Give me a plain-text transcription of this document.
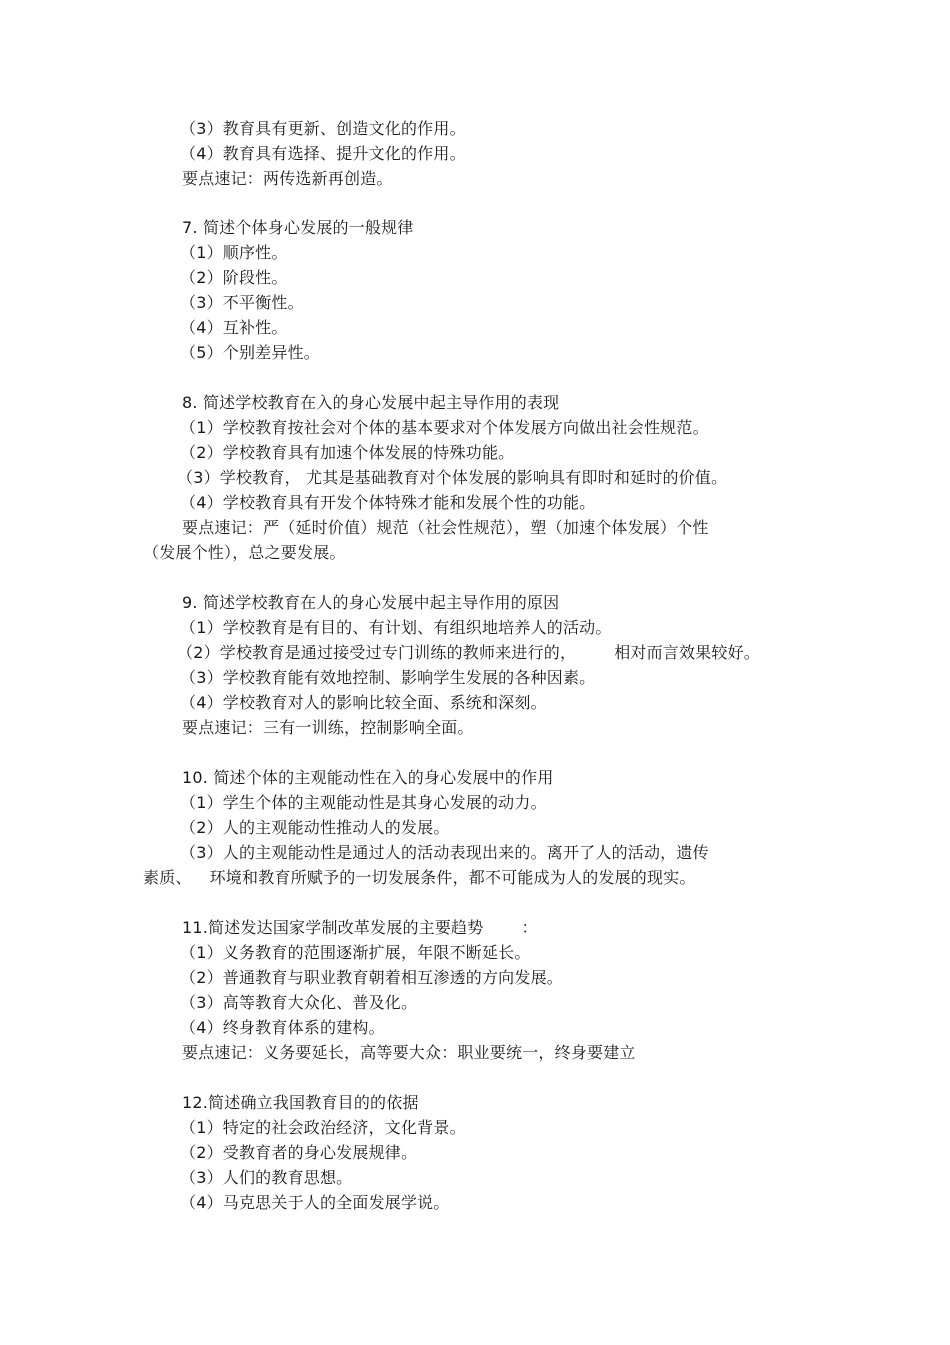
（3）教育具有更新、创造文化的作用。
（4）教育具有选择、提升文化的作用。
要点速记：两传选新再创造。
7. 简述个体身心发展的一般规律
（1）顺序性。
（2）阶段性。
（3）不平衡性。
（4）互补性。
（5）个别差异性。
8. 简述学校教育在入的身心发展中起主导作用的表现
（1）学校教育按社会对个体的基本要求对个体发展方向做出社会性规范。
（2）学校教育具有加速个体发展的恃殊功能。
（3）学校教育， 尤其是基础教育对个体发展的影响具有即时和延时的价值。
（4）学校教育具有开发个体特殊才能和发展个性的功能。
要点速记：严（延时价值）规范（社会性规范），塑（加速个体发展）个性
（发展个性），总之要发展。
9. 简述学校教育在人的身心发展中起主导作用的原因
（1）学校教育是有目的、有计划、有组织地培养人的活动。
（2）学校教育是通过接受过专门训练的教师来进行的， 相对而言效果较好。
（3）学校教育能有效地控制、影响学生发展的各种因素。
（4）学校教育对人的影响比较全面、系统和深刻。
要点速记：三有一训练，控制影响全面。
10. 简述个体的主观能动性在入的身心发展中的作用
（1）学生个体的主观能动性是其身心发展的动力。
（2）人的主观能动性推动人的发展。
（3）人的主观能动性是通过人的活动表现出来的。离开了人的活动，遗传
素质、 环境和教育所赋予的一切发展条件，都不可能成为人的发展的现实。
11.简述发达国家学制改革发展的主要趋势 ：
（1）义务教育的范围逐渐扩展，年限不断延长。
（2）普通教育与职业教育朝着相互渗透的方向发展。
（3）高等教育大众化、普及化。
（4）终身教育体系的建构。
要点速记：义务要延长，高等要大众：职业要统一，终身要建立
12.简述确立我国教育目的的依据
（1）特定的社会政治经济，文化背景。
（2）受教育者的身心发展规律。
（3）人们的教育思想。
（4）马克思关于人的全面发展学说。
